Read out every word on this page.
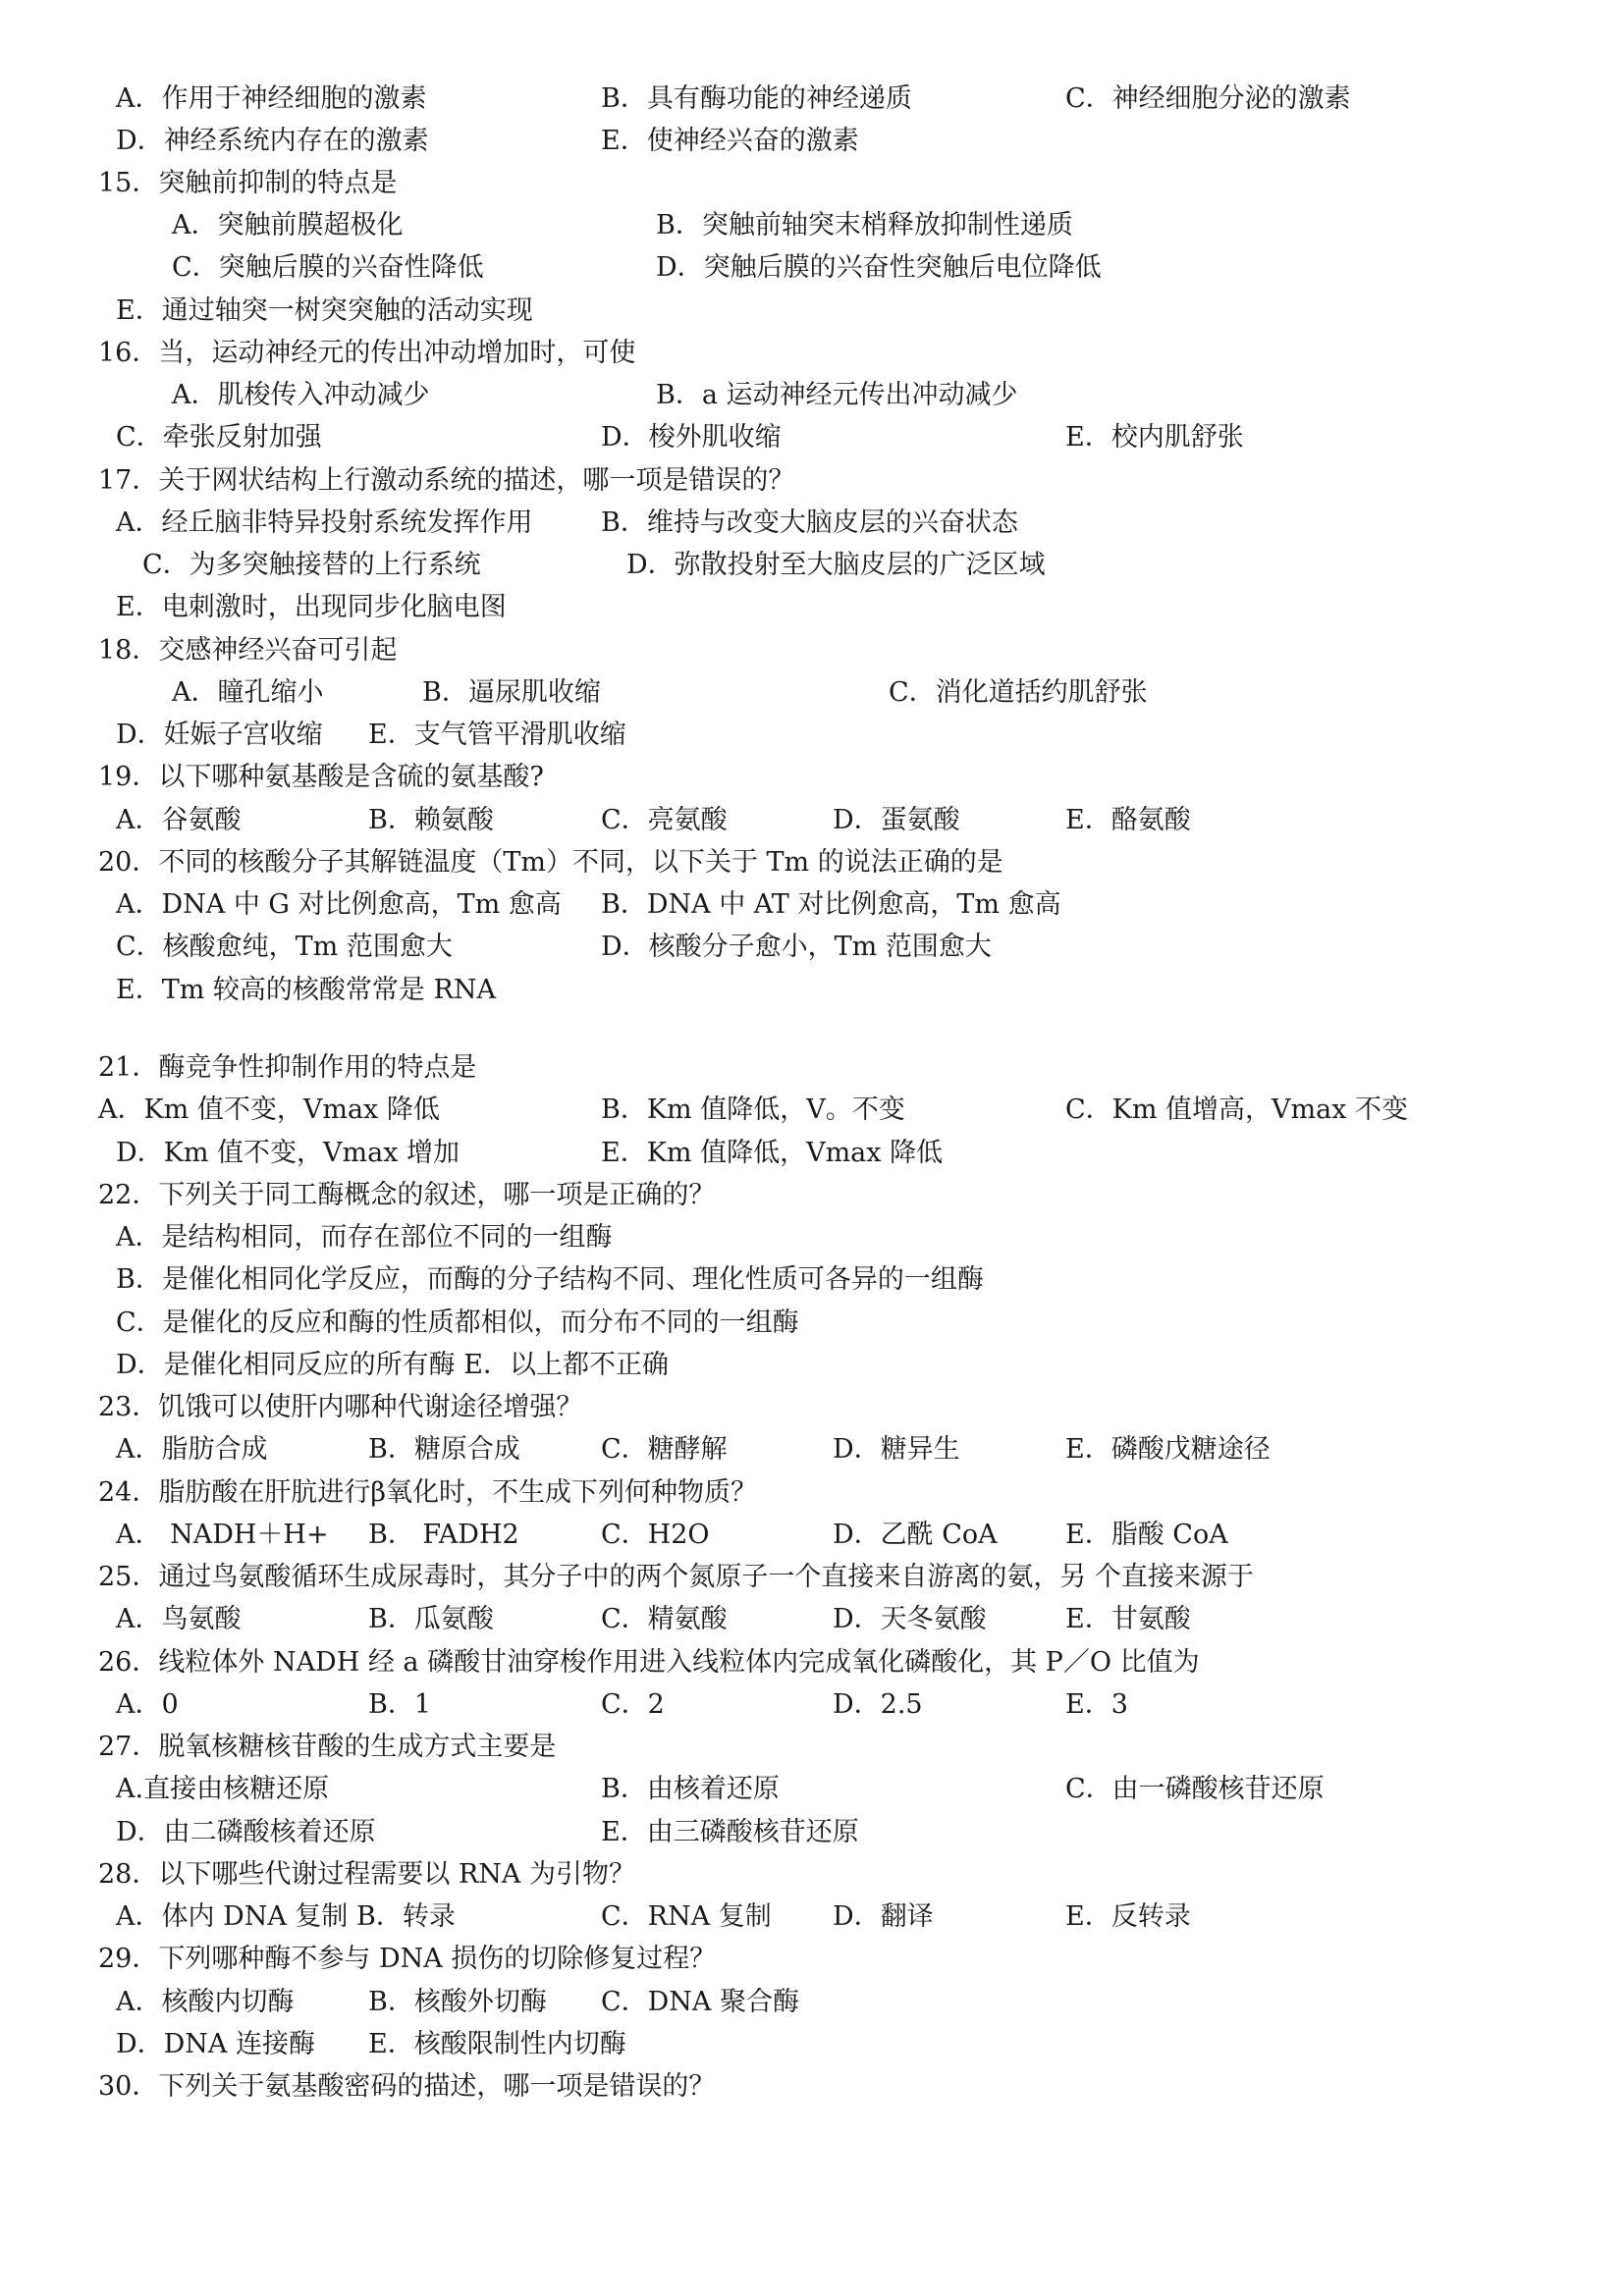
A．作用于神经细胞的激素	B．具有酶功能的神经递质	C．神经细胞分泌的激素
D．神经系统内存在的激素	E．使神经兴奋的激素
15．突触前抑制的特点是
A．突触前膜超极化	B．突触前轴突末梢释放抑制性递质
C．突触后膜的兴奋性降低	D．突触后膜的兴奋性突触后电位降低
E．通过轴突一树突突触的活动实现
16．当，运动神经元的传出冲动增加时，可使
A．肌梭传入冲动减少	B．a 运动神经元传出冲动减少
C．牵张反射加强	D．梭外肌收缩	E．校内肌舒张
17．关于网状结构上行激动系统的描述，哪一项是错误的？
A．经丘脑非特异投射系统发挥作用	B．维持与改变大脑皮层的兴奋状态
C．为多突触接替的上行系统	D．弥散投射至大脑皮层的广泛区域
E．电刺激时，出现同步化脑电图
18．交感神经兴奋可引起
A．瞳孔缩小	B．逼尿肌收缩	C．消化道括约肌舒张
D．妊娠子宫收缩 E．支气管平滑肌收缩
19．以下哪种氨基酸是含硫的氨基酸?
A．谷氨酸	B．赖氨酸	C．亮氨酸	D．蛋氨酸	E．酪氨酸
20．不同的核酸分子其解链温度（Tm）不同，以下关于 Tm 的说法正确的是
A．DNA 中 G 对比例愈高，Tm 愈高 B．DNA 中 AT 对比例愈高，Tm 愈高
C．核酸愈纯，Tm 范围愈大	D．核酸分子愈小，Tm 范围愈大
E．Tm 较高的核酸常常是 RNA
21．酶竞争性抑制作用的特点是
A．Km 值不变，Vmax 降低	B．Km 值降低，V。不变	C．Km 值增高，Vmax 不变
D．Km 值不变，Vmax 增加	E．Km 值降低，Vmax 降低
22．下列关于同工酶概念的叙述，哪一项是正确的？
A．是结构相同，而存在部位不同的一组酶
B．是催化相同化学反应，而酶的分子结构不同、理化性质可各异的一组酶
C．是催化的反应和酶的性质都相似，而分布不同的一组酶
D．是催化相同反应的所有酶 E．以上都不正确
23．饥饿可以使肝内哪种代谢途径增强？
A．脂肪合成	B．糖原合成	C．糖酵解	D．糖异生	E．磷酸戊糖途径
24．脂肪酸在肝肮进行β氧化时，不生成下列何种物质？
A． NADH＋H+ B． FADH2	C．H2O	D．乙酰 CoA	E．脂酸 CoA
25．通过鸟氨酸循环生成尿毒时，其分子中的两个氮原子一个直接来自游离的氨，另 个直接来源于
A．鸟氨酸	B．瓜氨酸	C．精氨酸	D．天冬氨酸	E．甘氨酸
26．线粒体外 NADH 经 a 磷酸甘油穿梭作用进入线粒体内完成氧化磷酸化，其 P／O 比值为
A．0	B．1	C．2	D．2.5	E．3
27．脱氧核糖核苷酸的生成方式主要是
A.直接由核糖还原	B．由核着还原	C．由一磷酸核苷还原
D．由二磷酸核着还原	E．由三磷酸核苷还原
28．以下哪些代谢过程需要以 RNA 为引物？
A．体内 DNA 复制 B．转录	C．RNA 复制 D．翻译	E．反转录
29．下列哪种酶不参与 DNA 损伤的切除修复过程？
A．核酸内切酶	B．核酸外切酶 C．DNA 聚合酶
D．DNA 连接酶 E．核酸限制性内切酶
30．下列关于氨基酸密码的描述，哪一项是错误的？
